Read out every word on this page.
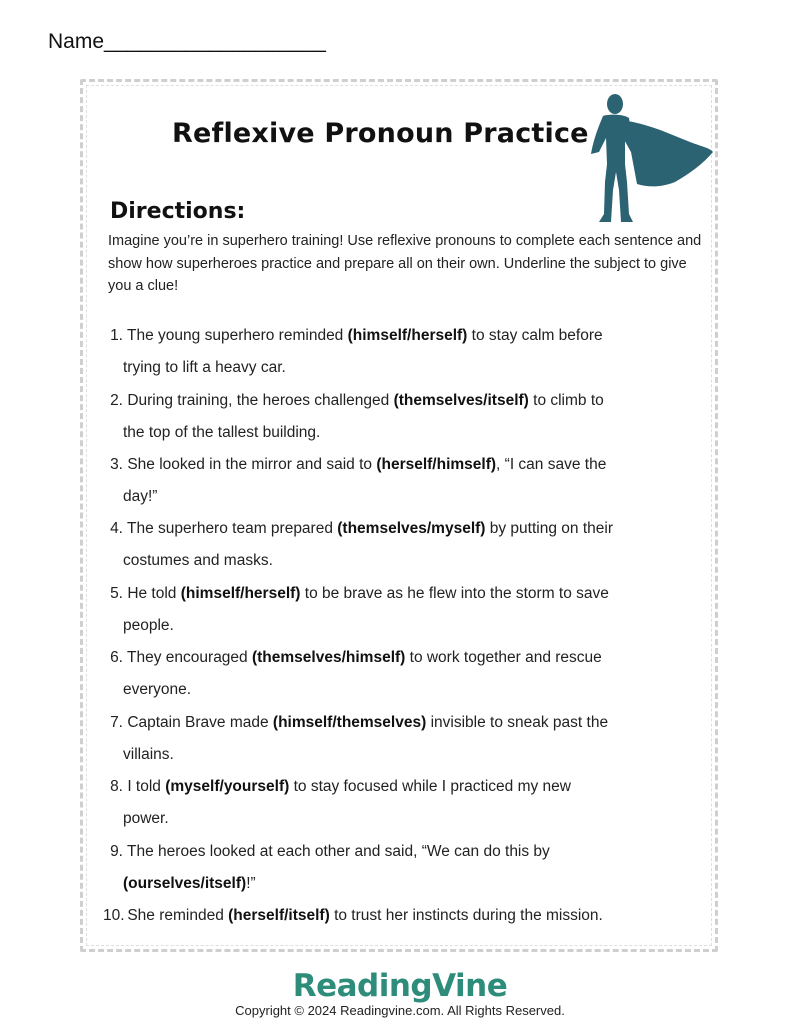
Name___________________
Reflexive Pronoun Practice
Directions:
Imagine you’re in superhero training! Use reflexive pronouns to complete each sentence and show how superheroes practice and prepare all on their own. Underline the subject to give you a clue!
1. The young superhero reminded (himself/herself) to stay calm before
trying to lift a heavy car.
2. During training, the heroes challenged (themselves/itself) to climb to
the top of the tallest building.
3. She looked in the mirror and said to (herself/himself), “I can save the
day!”
4. The superhero team prepared (themselves/myself) by putting on their
costumes and masks.
5. He told (himself/herself) to be brave as he flew into the storm to save
people.
6. They encouraged (themselves/himself) to work together and rescue
everyone.
7. Captain Brave made (himself/themselves) invisible to sneak past the
villains.
8. I told (myself/yourself) to stay focused while I practiced my new
power.
9. The heroes looked at each other and said, “We can do this by
(ourselves/itself)!”
10. She reminded (herself/itself) to trust her instincts during the mission.
ReadingVine
Copyright © 2024 Readingvine.com. All Rights Reserved.
